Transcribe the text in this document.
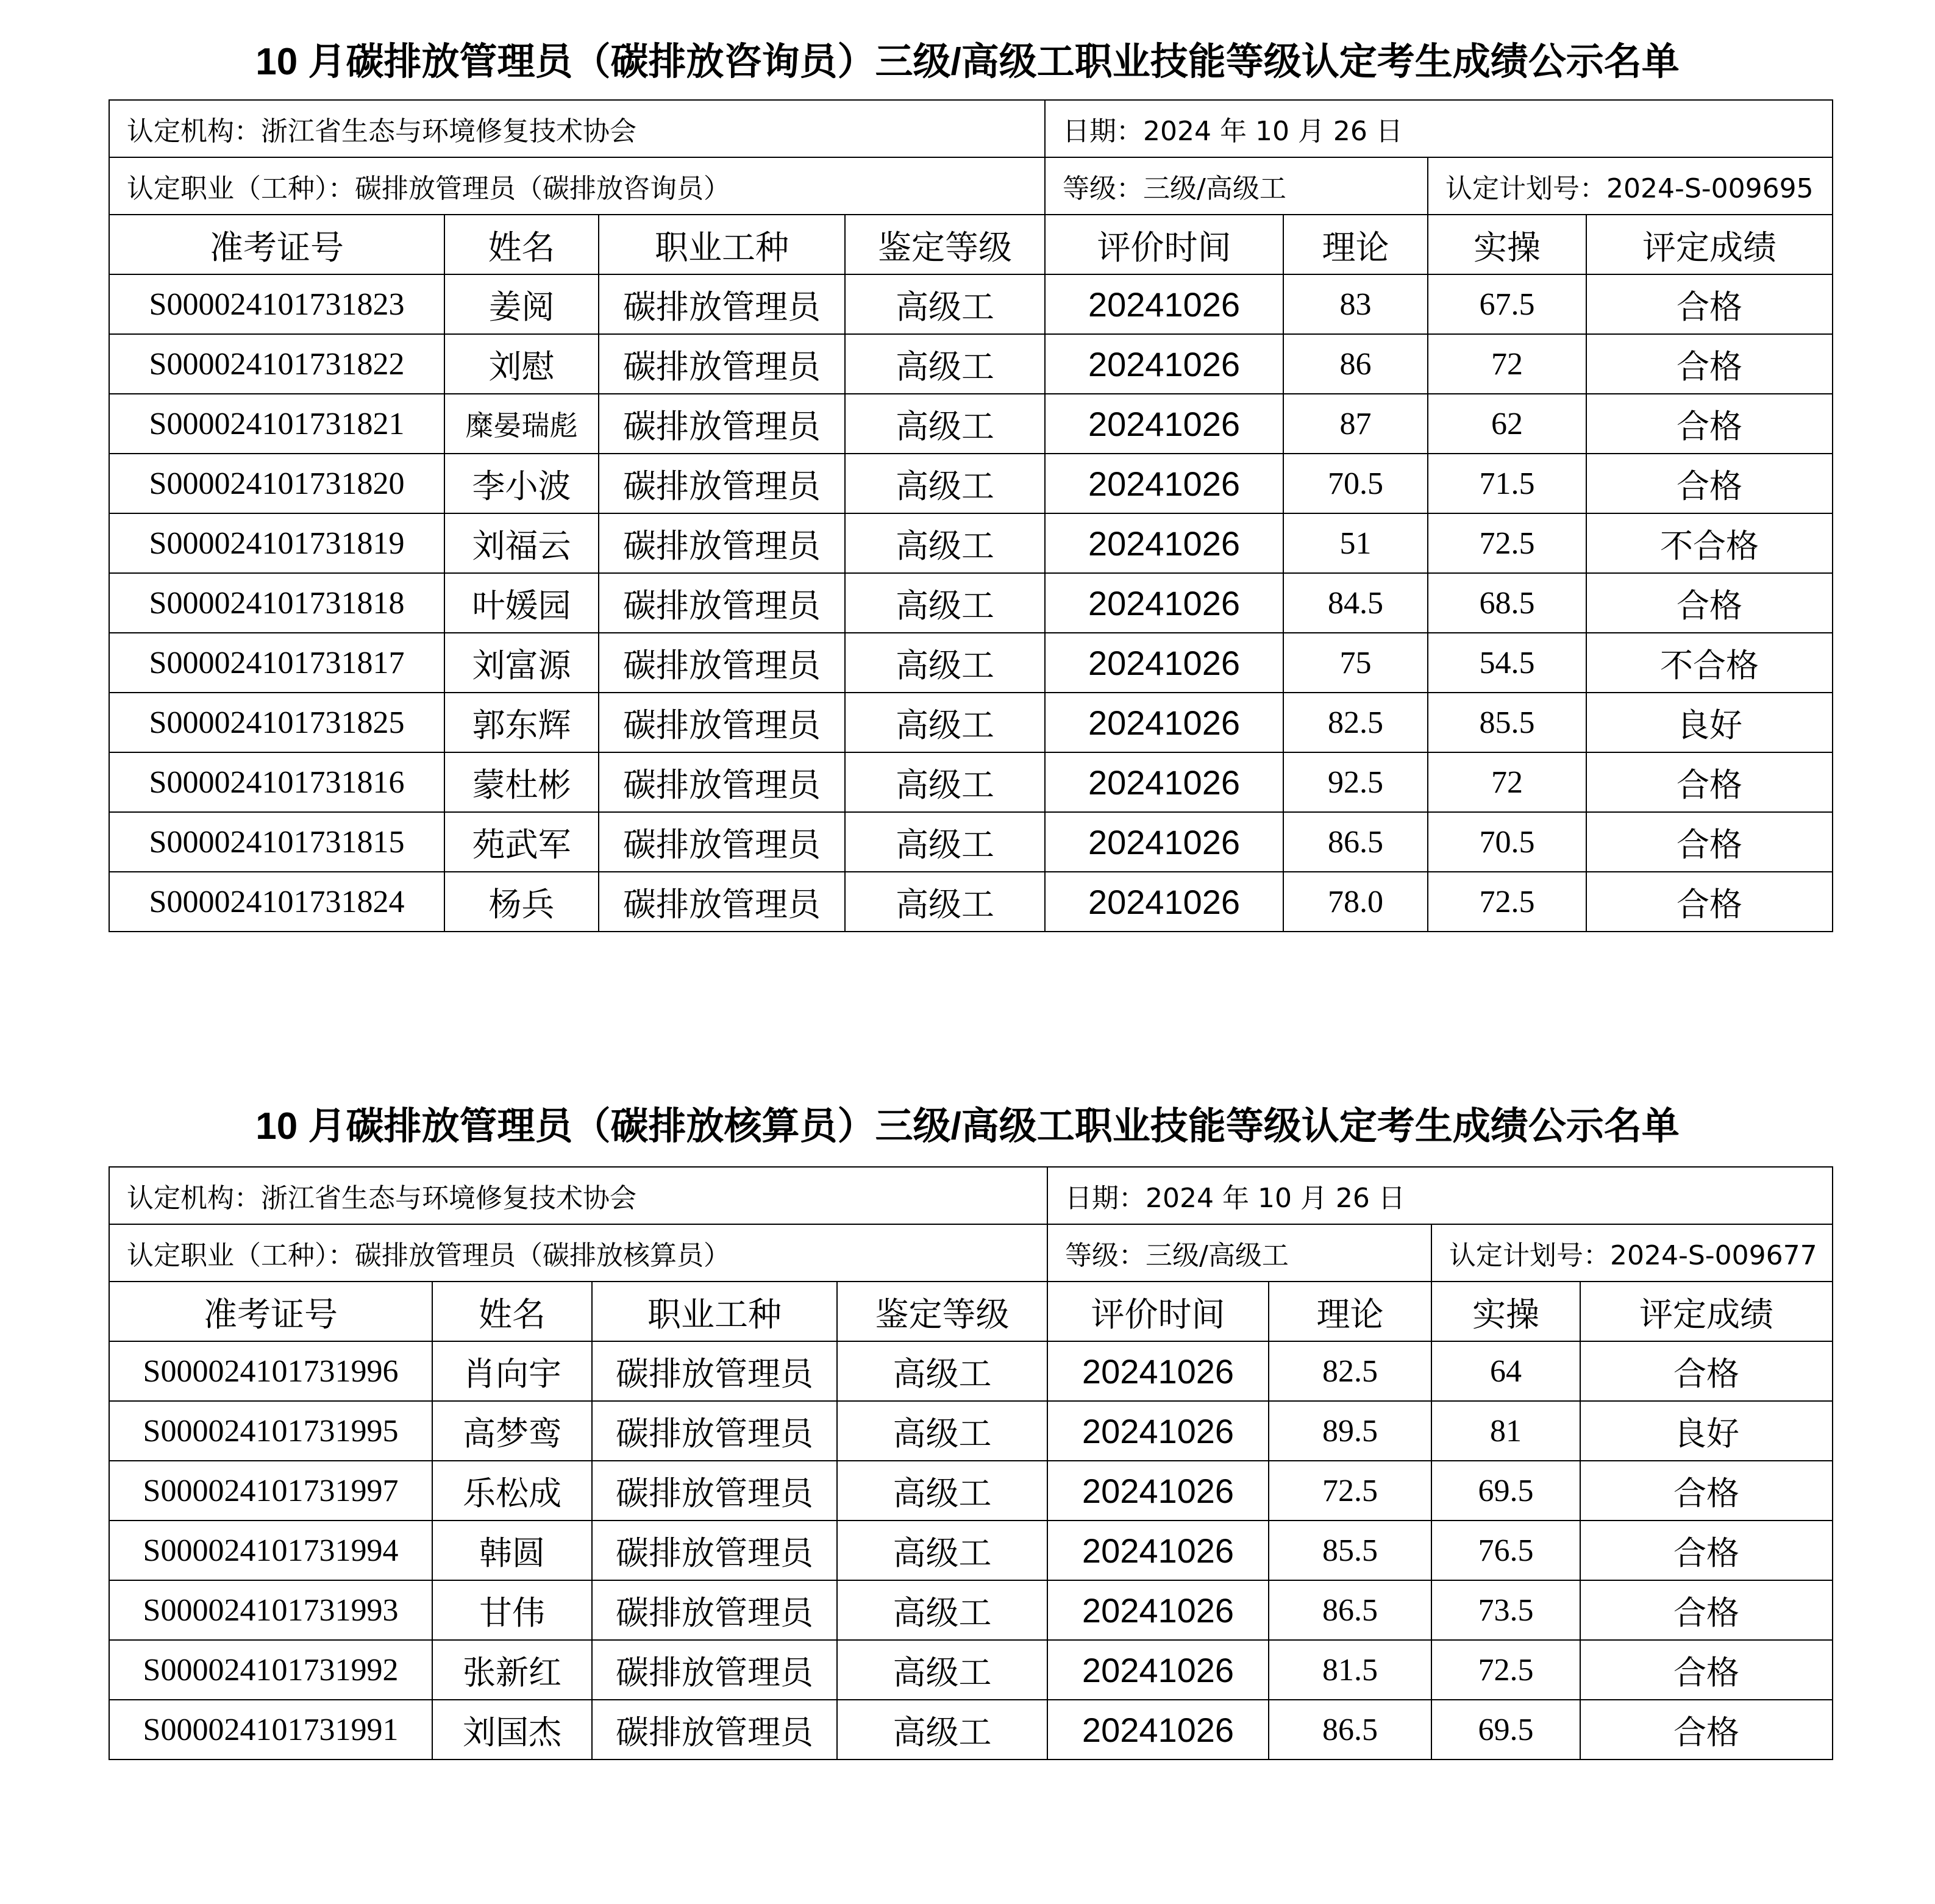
10 月碳排放管理员（碳排放咨询员）三级/高级工职业技能等级认定考生成绩公示名单
认定机构：浙江省生态与环境修复技术协会				日期：2024 年 10 月 26 日			
认定职业（工种）：碳排放管理员（碳排放咨询员）				等级：三级/高级工		认定计划号：2024-S-009695	
准考证号	姓名	职业工种	鉴定等级	评价时间	理论	实操	评定成绩
S000024101731823	姜阅	碳排放管理员	高级工	20241026	83	67.5	合格
S000024101731822	刘慰	碳排放管理员	高级工	20241026	86	72	合格
S000024101731821	糜晏瑞彪	碳排放管理员	高级工	20241026	87	62	合格
S000024101731820	李小波	碳排放管理员	高级工	20241026	70.5	71.5	合格
S000024101731819	刘福云	碳排放管理员	高级工	20241026	51	72.5	不合格
S000024101731818	叶媛园	碳排放管理员	高级工	20241026	84.5	68.5	合格
S000024101731817	刘富源	碳排放管理员	高级工	20241026	75	54.5	不合格
S000024101731825	郭东辉	碳排放管理员	高级工	20241026	82.5	85.5	良好
S000024101731816	蒙杜彬	碳排放管理员	高级工	20241026	92.5	72	合格
S000024101731815	苑武军	碳排放管理员	高级工	20241026	86.5	70.5	合格
S000024101731824	杨兵	碳排放管理员	高级工	20241026	78.0	72.5	合格
10 月碳排放管理员（碳排放核算员）三级/高级工职业技能等级认定考生成绩公示名单
认定机构：浙江省生态与环境修复技术协会				日期：2024 年 10 月 26 日			
认定职业（工种）：碳排放管理员（碳排放核算员）				等级：三级/高级工		认定计划号：2024-S-009677	
准考证号	姓名	职业工种	鉴定等级	评价时间	理论	实操	评定成绩
S000024101731996	肖向宇	碳排放管理员	高级工	20241026	82.5	64	合格
S000024101731995	高梦鸾	碳排放管理员	高级工	20241026	89.5	81	良好
S000024101731997	乐松成	碳排放管理员	高级工	20241026	72.5	69.5	合格
S000024101731994	韩圆	碳排放管理员	高级工	20241026	85.5	76.5	合格
S000024101731993	甘伟	碳排放管理员	高级工	20241026	86.5	73.5	合格
S000024101731992	张新红	碳排放管理员	高级工	20241026	81.5	72.5	合格
S000024101731991	刘国杰	碳排放管理员	高级工	20241026	86.5	69.5	合格
